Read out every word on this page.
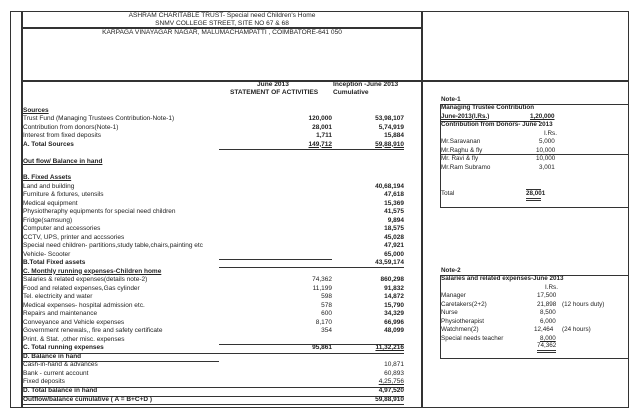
ASHRAM CHARITABLE TRUST- Special need Children's Home
SNMV COLLEGE STREET, SITE NO 67 & 68
KARPAGA VINAYAGAR NAGAR, MALUMACHAMPATTI , COIMBATORE-641 050
June 2013
STATEMENT OF ACTIVITIES
Inception -June 2013
Cumulative
Sources
Trust Fund (Managing Trustees Contribution-Note-1)	120,000	53,98,107
Contribution from donors(Note-1)	28,001	5,74,919
Interest from fixed deposits	1,711	15,884
A. Total Sources	149,712	59,88,910
Out flow/ Balance in hand
B. Fixed Assets
Land and building	40,68,194
Furniture & fixtures, utensils	47,618
Medical equipment	15,369
Physiotheraphy equipments for special need children	41,575
Fridge(samsung)	9,894
Computer and accessories	18,575
CCTV, UPS, printer and accssories	45,028
Special need children- partitions,study table,chairs,painting etc	47,921
Vehicle- Scooter	65,000
B.Total Fixed assets	43,59,174
C. Monthly running expenses-Children home
Salaries & related expenses(details note-2)	74,362	860,298
Food and related expenses,Gas cylinder	11,199	91,832
Tel. electricity and water	598	14,872
Medical expenses- hospital admission etc.	578	15,790
Repairs and maintenance	600	34,329
Conveyance and Vehicle expenses	8,170	66,996
Government renewals,, fire and safety certificate	354	48,099
Print. & Stat. ,other misc. expenses
C. Total running expenses	95,861	11,32,216
D. Balance in hand
Cash-in-hand & advances	10,871
Bank - current account	60,893
Fixed deposits	4,25,756
D. Total balance in hand	4,97,520
Outflow/balance cumulative ( A = B+C+D )	59,88,910
Note-1
Managing Trustee Contribution
June-2013(I.Rs.)	1,20,000
Contribution from Donors- June 2013
I.Rs.
Mr.Saravanan	5,000
Mr.Raghu & fly	10,000
Mr. Ravi & fly	10,000
Mr.Ram Subramo	3,001
Total	28,001
Note-2
Salaries and related expenses-June 2013
I.Rs.
Manager	17,500
Caretakers(2+2)	21,898 (12 hours duty)
Nurse	8,500
Physiotherapist	6,000
Watchmen(2)	12,464 (24 hours)
Special needs teacher	8,000
74,362
